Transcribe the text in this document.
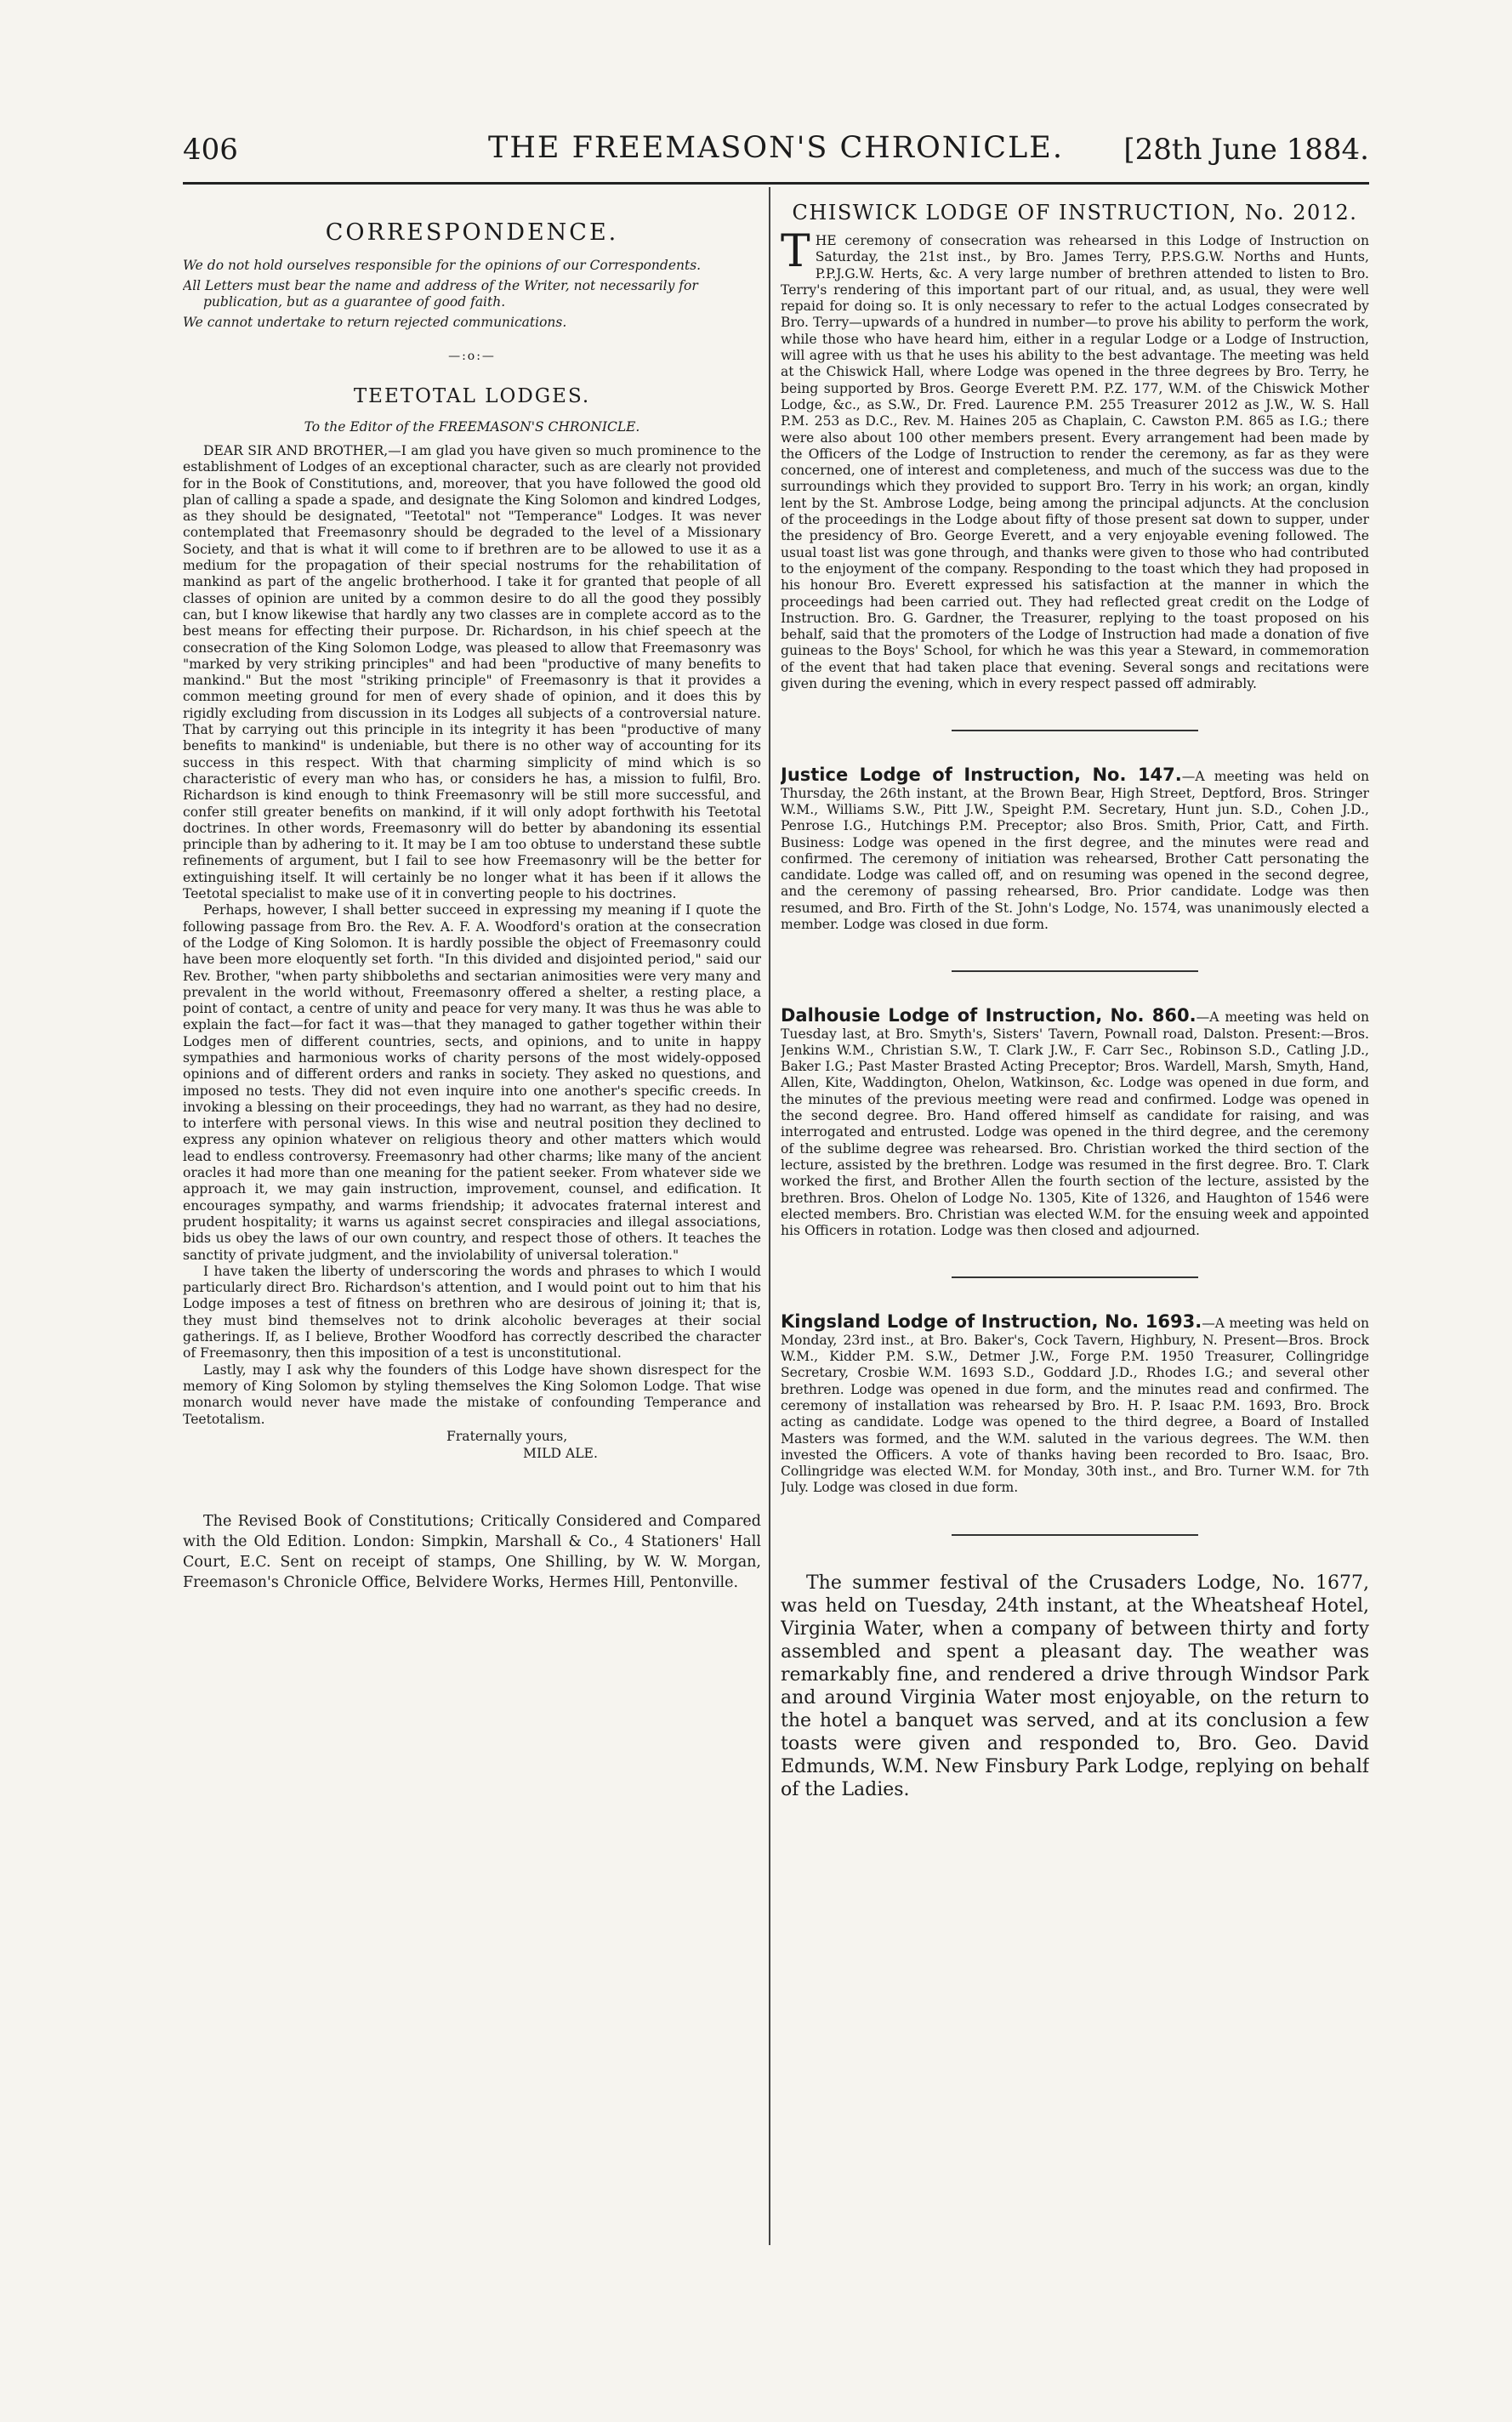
406	THE FREEMASON'S CHRONICLE.	[28th June 1884.
CORRESPONDENCE.

We do not hold ourselves responsible for the opinions of our Correspondents.

All Letters must bear the name and address of the Writer, not necessarily for publication, but as a guarantee of good faith.

We cannot undertake to return rejected communications.

—:o:—
TEETOTAL LODGES.
To the Editor of the FREEMASON'S CHRONICLE.

DEAR SIR AND BROTHER,—I am glad you have given so much prominence to the establishment of Lodges of an exceptional character, such as are clearly not provided for in the Book of Constitutions, and, moreover, that you have followed the good old plan of calling a spade a spade, and designate the King Solomon and kindred Lodges, as they should be designated, "Teetotal" not "Temperance" Lodges. It was never contemplated that Freemasonry should be degraded to the level of a Missionary Society, and that is what it will come to if brethren are to be allowed to use it as a medium for the propagation of their special nostrums for the rehabilitation of mankind as part of the angelic brotherhood. I take it for granted that people of all classes of opinion are united by a common desire to do all the good they possibly can, but I know likewise that hardly any two classes are in complete accord as to the best means for effecting their purpose. Dr. Richardson, in his chief speech at the consecration of the King Solomon Lodge, was pleased to allow that Freemasonry was "marked by very striking principles" and had been "productive of many benefits to mankind." But the most "striking principle" of Freemasonry is that it provides a common meeting ground for men of every shade of opinion, and it does this by rigidly excluding from discussion in its Lodges all subjects of a controversial nature. That by carrying out this principle in its integrity it has been "productive of many benefits to mankind" is undeniable, but there is no other way of accounting for its success in this respect. With that charming simplicity of mind which is so characteristic of every man who has, or considers he has, a mission to fulfil, Bro. Richardson is kind enough to think Freemasonry will be still more successful, and confer still greater benefits on mankind, if it will only adopt forthwith his Teetotal doctrines. In other words, Freemasonry will do better by abandoning its essential principle than by adhering to it. It may be I am too obtuse to understand these subtle refinements of argument, but I fail to see how Freemasonry will be the better for extinguishing itself. It will certainly be no longer what it has been if it allows the Teetotal specialist to make use of it in converting people to his doctrines.

Perhaps, however, I shall better succeed in expressing my meaning if I quote the following passage from Bro. the Rev. A. F. A. Woodford's oration at the consecration of the Lodge of King Solomon. It is hardly possible the object of Freemasonry could have been more eloquently set forth. "In this divided and disjointed period," said our Rev. Brother, "when party shibboleths and sectarian animosities were very many and prevalent in the world without, Freemasonry offered a shelter, a resting place, a point of contact, a centre of unity and peace for very many. It was thus he was able to explain the fact—for fact it was—that they managed to gather together within their Lodges men of different countries, sects, and opinions, and to unite in happy sympathies and harmonious works of charity persons of the most widely-opposed opinions and of different orders and ranks in society. They asked no questions, and imposed no tests. They did not even inquire into one another's specific creeds. In invoking a blessing on their proceedings, they had no warrant, as they had no desire, to interfere with personal views. In this wise and neutral position they declined to express any opinion whatever on religious theory and other matters which would lead to endless controversy. Freemasonry had other charms; like many of the ancient oracles it had more than one meaning for the patient seeker. From whatever side we approach it, we may gain instruction, improvement, counsel, and edification. It encourages sympathy, and warms friendship; it advocates fraternal interest and prudent hospitality; it warns us against secret conspiracies and illegal associations, bids us obey the laws of our own country, and respect those of others. It teaches the sanctity of private judgment, and the inviolability of universal toleration."

I have taken the liberty of underscoring the words and phrases to which I would particularly direct Bro. Richardson's attention, and I would point out to him that his Lodge imposes a test of fitness on brethren who are desirous of joining it; that is, they must bind themselves not to drink alcoholic beverages at their social gatherings. If, as I believe, Brother Woodford has correctly described the character of Freemasonry, then this imposition of a test is unconstitutional.

Lastly, may I ask why the founders of this Lodge have shown disrespect for the memory of King Solomon by styling themselves the King Solomon Lodge. That wise monarch would never have made the mistake of confounding Temperance and Teetotalism.

Fraternally yours,
MILD ALE.

The Revised Book of Constitutions; Critically Considered and Compared with the Old Edition. London: Simpkin, Marshall & Co., 4 Stationers' Hall Court, E.C. Sent on receipt of stamps, One Shilling, by W. W. Morgan, Freemason's Chronicle Office, Belvidere Works, Hermes Hill, Pentonville.

CHISWICK LODGE OF INSTRUCTION, No. 2012.
T HE ceremony of consecration was rehearsed in this Lodge of Instruction on Saturday, the 21st inst., by Bro. James Terry, P.P.S.G.W. Norths and Hunts, P.P.J.G.W. Herts, &c. A very large number of brethren attended to listen to Bro. Terry's rendering of this important part of our ritual, and, as usual, they were well repaid for doing so. It is only necessary to refer to the actual Lodges consecrated by Bro. Terry—upwards of a hundred in number—to prove his ability to perform the work, while those who have heard him, either in a regular Lodge or a Lodge of Instruction, will agree with us that he uses his ability to the best advantage. The meeting was held at the Chiswick Hall, where Lodge was opened in the three degrees by Bro. Terry, he being supported by Bros. George Everett P.M. P.Z. 177, W.M. of the Chiswick Mother Lodge, &c., as S.W., Dr. Fred. Laurence P.M. 255 Treasurer 2012 as J.W., W. S. Hall P.M. 253 as D.C., Rev. M. Haines 205 as Chaplain, C. Cawston P.M. 865 as I.G.; there were also about 100 other members present. Every arrangement had been made by the Officers of the Lodge of Instruction to render the ceremony, as far as they were concerned, one of interest and completeness, and much of the success was due to the surroundings which they provided to support Bro. Terry in his work; an organ, kindly lent by the St. Ambrose Lodge, being among the principal adjuncts. At the conclusion of the proceedings in the Lodge about fifty of those present sat down to supper, under the presidency of Bro. George Everett, and a very enjoyable evening followed. The usual toast list was gone through, and thanks were given to those who had contributed to the enjoyment of the company. Responding to the toast which they had proposed in his honour Bro. Everett expressed his satisfaction at the manner in which the proceedings had been carried out. They had reflected great credit on the Lodge of Instruction. Bro. G. Gardner, the Treasurer, replying to the toast proposed on his behalf, said that the promoters of the Lodge of Instruction had made a donation of five guineas to the Boys' School, for which he was this year a Steward, in commemoration of the event that had taken place that evening. Several songs and recitations were given during the evening, which in every respect passed off admirably.

Justice Lodge of Instruction, No. 147.—A meeting was held on Thursday, the 26th instant, at the Brown Bear, High Street, Deptford, Bros. Stringer W.M., Williams S.W., Pitt J.W., Speight P.M. Secretary, Hunt jun. S.D., Cohen J.D., Penrose I.G., Hutchings P.M. Preceptor; also Bros. Smith, Prior, Catt, and Firth. Business: Lodge was opened in the first degree, and the minutes were read and confirmed. The ceremony of initiation was rehearsed, Brother Catt personating the candidate. Lodge was called off, and on resuming was opened in the second degree, and the ceremony of passing rehearsed, Bro. Prior candidate. Lodge was then resumed, and Bro. Firth of the St. John's Lodge, No. 1574, was unanimously elected a member. Lodge was closed in due form.

Dalhousie Lodge of Instruction, No. 860.—A meeting was held on Tuesday last, at Bro. Smyth's, Sisters' Tavern, Pownall road, Dalston. Present:—Bros. Jenkins W.M., Christian S.W., T. Clark J.W., F. Carr Sec., Robinson S.D., Catling J.D., Baker I.G.; Past Master Brasted Acting Preceptor; Bros. Wardell, Marsh, Smyth, Hand, Allen, Kite, Waddington, Ohelon, Watkinson, &c. Lodge was opened in due form, and the minutes of the previous meeting were read and confirmed. Lodge was opened in the second degree. Bro. Hand offered himself as candidate for raising, and was interrogated and entrusted. Lodge was opened in the third degree, and the ceremony of the sublime degree was rehearsed. Bro. Christian worked the third section of the lecture, assisted by the brethren. Lodge was resumed in the first degree. Bro. T. Clark worked the first, and Brother Allen the fourth section of the lecture, assisted by the brethren. Bros. Ohelon of Lodge No. 1305, Kite of 1326, and Haughton of 1546 were elected members. Bro. Christian was elected W.M. for the ensuing week and appointed his Officers in rotation. Lodge was then closed and adjourned.

Kingsland Lodge of Instruction, No. 1693.—A meeting was held on Monday, 23rd inst., at Bro. Baker's, Cock Tavern, Highbury, N. Present—Bros. Brock W.M., Kidder P.M. S.W., Detmer J.W., Forge P.M. 1950 Treasurer, Collingridge Secretary, Crosbie W.M. 1693 S.D., Goddard J.D., Rhodes I.G.; and several other brethren. Lodge was opened in due form, and the minutes read and confirmed. The ceremony of installation was rehearsed by Bro. H. P. Isaac P.M. 1693, Bro. Brock acting as candidate. Lodge was opened to the third degree, a Board of Installed Masters was formed, and the W.M. saluted in the various degrees. The W.M. then invested the Officers. A vote of thanks having been recorded to Bro. Isaac, Bro. Collingridge was elected W.M. for Monday, 30th inst., and Bro. Turner W.M. for 7th July. Lodge was closed in due form.

The summer festival of the Crusaders Lodge, No. 1677, was held on Tuesday, 24th instant, at the Wheatsheaf Hotel, Virginia Water, when a company of between thirty and forty assembled and spent a pleasant day. The weather was remarkably fine, and rendered a drive through Windsor Park and around Virginia Water most enjoyable, on the return to the hotel a banquet was served, and at its conclusion a few toasts were given and responded to, Bro. Geo. David Edmunds, W.M. New Finsbury Park Lodge, replying on behalf of the Ladies.
